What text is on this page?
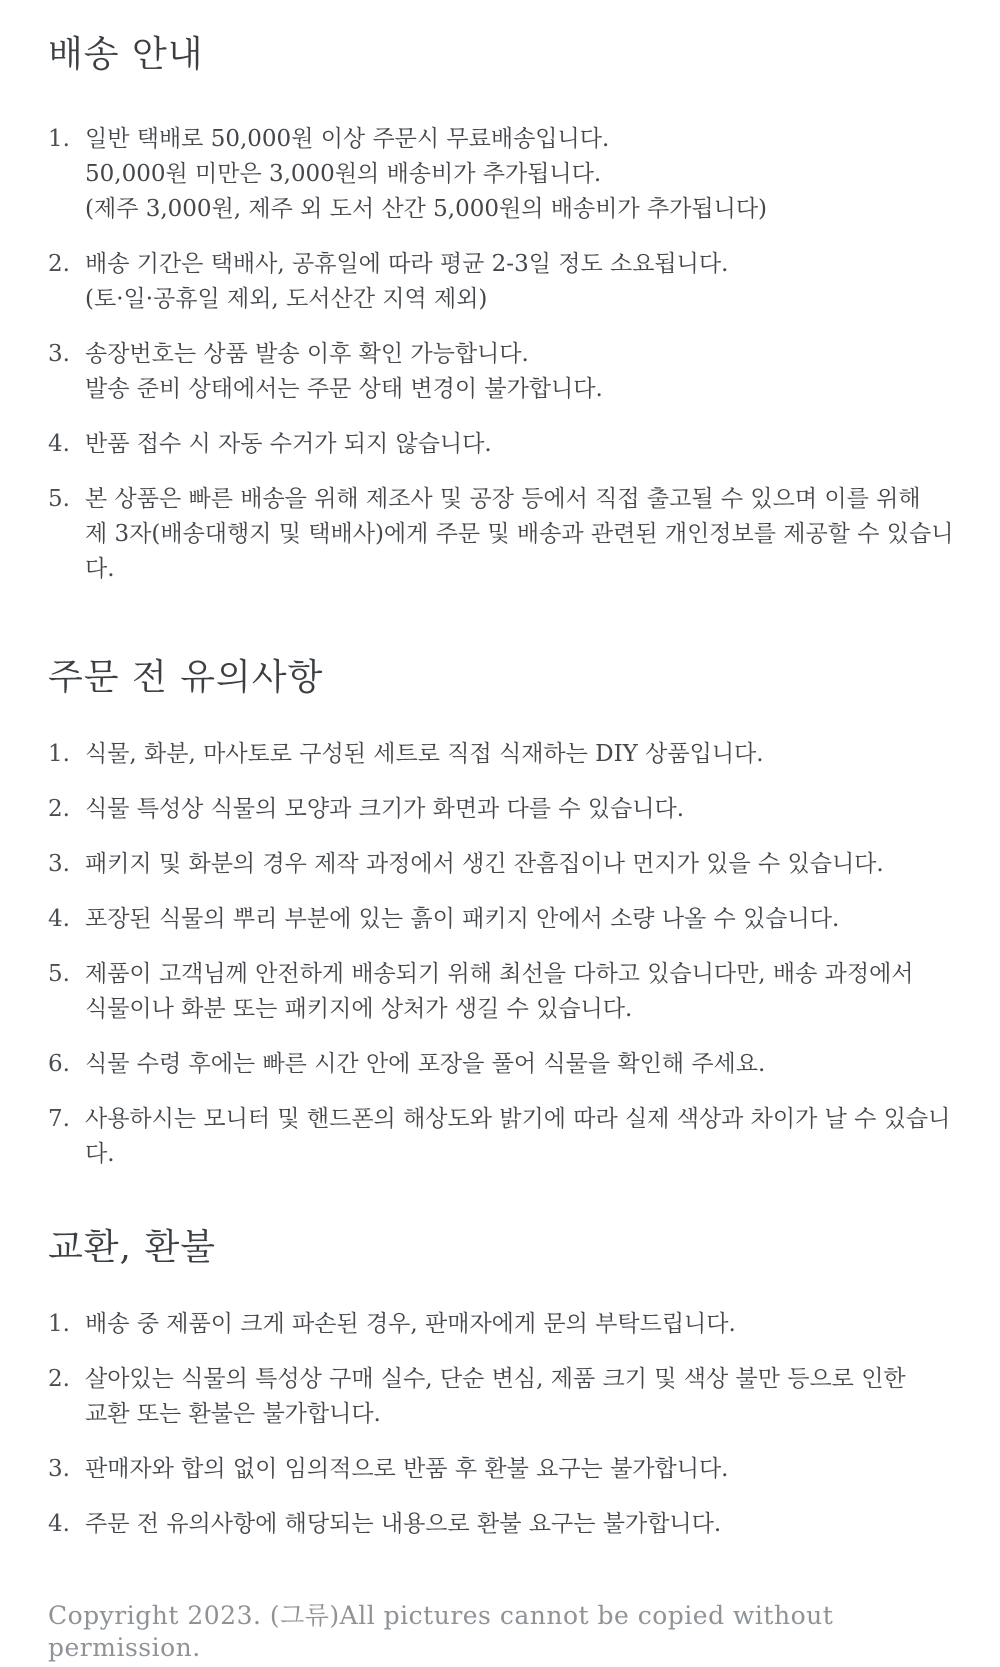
배송 안내
1. 일반 택배로 50,000원 이상 주문시 무료배송입니다.
50,000원 미만은 3,000원의 배송비가 추가됩니다.
(제주 3,000원, 제주 외 도서 산간 5,000원의 배송비가 추가됩니다)
2. 배송 기간은 택배사, 공휴일에 따라 평균 2-3일 정도 소요됩니다.
(토·일·공휴일 제외, 도서산간 지역 제외)
3. 송장번호는 상품 발송 이후 확인 가능합니다.
발송 준비 상태에서는 주문 상태 변경이 불가합니다.
4. 반품 접수 시 자동 수거가 되지 않습니다.
5. 본 상품은 빠른 배송을 위해 제조사 및 공장 등에서 직접 출고될 수 있으며 이를 위해
제 3자(배송대행지 및 택배사)에게 주문 및 배송과 관련된 개인정보를 제공할 수 있습니다.
주문 전 유의사항
1. 식물, 화분, 마사토로 구성된 세트로 직접 식재하는 DIY 상품입니다.
2. 식물 특성상 식물의 모양과 크기가 화면과 다를 수 있습니다.
3. 패키지 및 화분의 경우 제작 과정에서 생긴 잔흠집이나 먼지가 있을 수 있습니다.
4. 포장된 식물의 뿌리 부분에 있는 흙이 패키지 안에서 소량 나올 수 있습니다.
5. 제품이 고객님께 안전하게 배송되기 위해 최선을 다하고 있습니다만, 배송 과정에서
식물이나 화분 또는 패키지에 상처가 생길 수 있습니다.
6. 식물 수령 후에는 빠른 시간 안에 포장을 풀어 식물을 확인해 주세요.
7. 사용하시는 모니터 및 핸드폰의 해상도와 밝기에 따라 실제 색상과 차이가 날 수 있습니다.
교환, 환불
1. 배송 중 제품이 크게 파손된 경우, 판매자에게 문의 부탁드립니다.
2. 살아있는 식물의 특성상 구매 실수, 단순 변심, 제품 크기 및 색상 불만 등으로 인한
교환 또는 환불은 불가합니다.
3. 판매자와 합의 없이 임의적으로 반품 후 환불 요구는 불가합니다.
4. 주문 전 유의사항에 해당되는 내용으로 환불 요구는 불가합니다.
Copyright 2023. (그류)All pictures cannot be copied without permission.
